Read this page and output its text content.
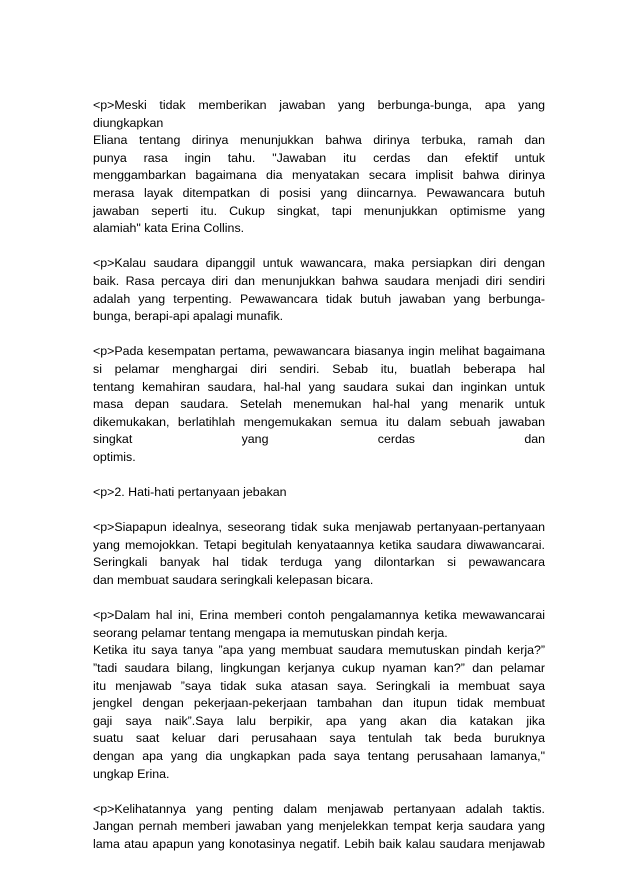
<p>Meski tidak memberikan jawaban yang berbunga-bunga, apa yang
diungkapkan
Eliana tentang dirinya menunjukkan bahwa dirinya terbuka, ramah dan
punya rasa ingin tahu. "Jawaban itu cerdas dan efektif untuk
menggambarkan bagaimana dia menyatakan secara implisit bahwa dirinya
merasa layak ditempatkan di posisi yang diincarnya. Pewawancara butuh
jawaban seperti itu. Cukup singkat, tapi menunjukkan optimisme yang
alamiah" kata Erina Collins.
<p>Kalau saudara dipanggil untuk wawancara, maka persiapkan diri dengan
baik. Rasa percaya diri dan menunjukkan bahwa saudara menjadi diri sendiri
adalah yang terpenting. Pewawancara tidak butuh jawaban yang berbunga-
bunga, berapi-api apalagi munafik.
<p>Pada kesempatan pertama, pewawancara biasanya ingin melihat bagaimana
si pelamar menghargai diri sendiri. Sebab itu, buatlah beberapa hal
tentang kemahiran saudara, hal-hal yang saudara sukai dan inginkan untuk
masa depan saudara. Setelah menemukan hal-hal yang menarik untuk
dikemukakan, berlatihlah mengemukakan semua itu dalam sebuah jawaban
singkat yang cerdas dan
optimis.
<p>2. Hati-hati pertanyaan jebakan
<p>Siapapun idealnya, seseorang tidak suka menjawab pertanyaan-pertanyaan
yang memojokkan. Tetapi begitulah kenyataannya ketika saudara diwawancarai.
Seringkali banyak hal tidak terduga yang dilontarkan si pewawancara
dan membuat saudara seringkali kelepasan bicara.
<p>Dalam hal ini, Erina memberi contoh pengalamannya ketika mewawancarai
seorang pelamar tentang mengapa ia memutuskan pindah kerja.
Ketika itu saya tanya ”apa yang membuat saudara memutuskan pindah kerja?”
”tadi saudara bilang, lingkungan kerjanya cukup nyaman kan?” dan pelamar
itu menjawab ”saya tidak suka atasan saya. Seringkali ia membuat saya
jengkel dengan pekerjaan-pekerjaan tambahan dan itupun tidak membuat
gaji saya naik”.Saya lalu berpikir, apa yang akan dia katakan jika
suatu saat keluar dari perusahaan saya tentulah tak beda buruknya
dengan apa yang dia ungkapkan pada saya tentang perusahaan lamanya,"
ungkap Erina.
<p>Kelihatannya yang penting dalam menjawab pertanyaan adalah taktis.
Jangan pernah memberi jawaban yang menjelekkan tempat kerja saudara yang
lama atau apapun yang konotasinya negatif. Lebih baik kalau saudara menjawab
